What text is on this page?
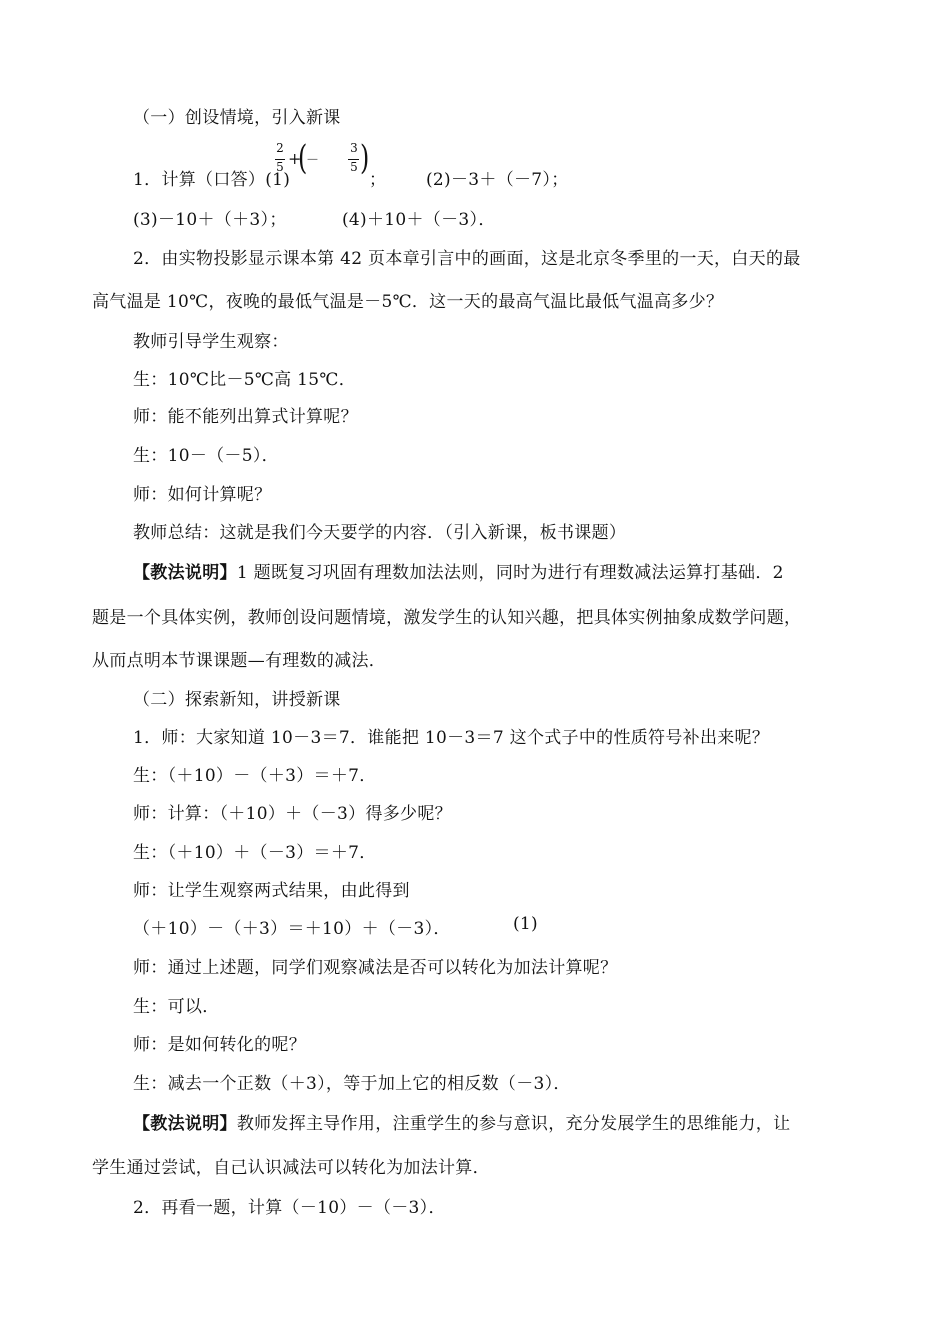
（一）创设情境，引入新课
1．计算（口答）(1)
2
5 +
(
－
3
5 )
； (2)－3＋（－7）；
(3)－10＋（＋3）；	(4)＋10＋（－3）．
2．由实物投影显示课本第 42 页本章引言中的画面，这是北京冬季里的一天，白天的最
高气温是 10℃，夜晚的最低气温是－5℃．这一天的最高气温比最低气温高多少？
教师引导学生观察：
生：10℃比－5℃高 15℃．
师：能不能列出算式计算呢？
生：10－（－5）．
师：如何计算呢？
教师总结：这就是我们今天要学的内容．（引入新课，板书课题）
【教法说明】1 题既复习巩固有理数加法法则，同时为进行有理数减法运算打基础．2
题是一个具体实例，教师创设问题情境，激发学生的认知兴趣，把具体实例抽象成数学问题，
从而点明本节课课题—有理数的减法．
（二）探索新知，讲授新课
1．师：大家知道 10－3＝7．谁能把 10－3＝7 这个式子中的性质符号补出来呢？
生：（＋10）－（＋3）＝＋7．
师：计算：（＋10）＋（－3）得多少呢？
生：（＋10）＋（－3）＝＋7．
师：让学生观察两式结果，由此得到
（＋10）－（＋3）＝＋10）＋（－3）．	(1)
师：通过上述题，同学们观察减法是否可以转化为加法计算呢？
生：可以．
师：是如何转化的呢？
生：减去一个正数（＋3），等于加上它的相反数（－3）．
【教法说明】教师发挥主导作用，注重学生的参与意识，充分发展学生的思维能力，让
学生通过尝试，自己认识减法可以转化为加法计算．
2．再看一题，计算（－10）－（－3）．
